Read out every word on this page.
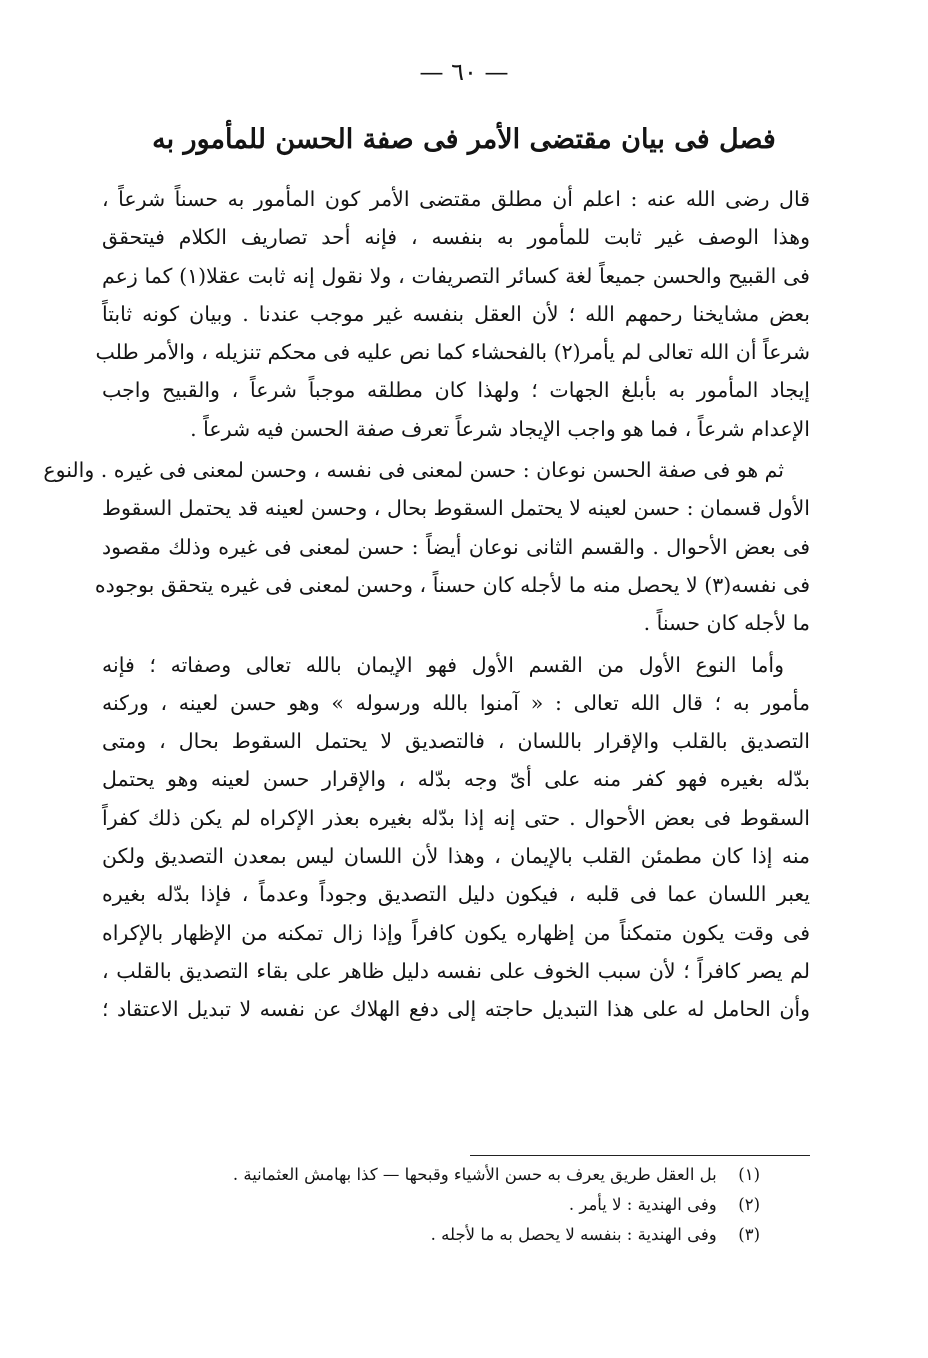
— ٦٠ —
فصل فى بيان مقتضى الأمر فى صفة الحسن للمأمور به
قال رضى الله عنه : اعلم أن مطلق مقتضى الأمر كون المأمور به حسناً شرعاً ،
وهذا الوصف غير ثابت للمأمور به بنفسه ، فإنه أحد تصاريف الكلام فيتحقق
فى القبيح والحسن جميعاً لغة كسائر التصريفات ، ولا نقول إنه ثابت عقلا(١) كما زعم
بعض مشايخنا رحمهم الله ؛ لأن العقل بنفسه غير موجب عندنا . وبيان كونه ثابتاً
شرعاً أن الله تعالى لم يأمر(٢) بالفحشاء كما نص عليه فى محكم تنزيله ، والأمر طلب
إيجاد المأمور به بأبلغ الجهات ؛ ولهذا كان مطلقه موجباً شرعاً ، والقبيح واجب
الإعدام شرعاً ، فما هو واجب الإيجاد شرعاً تعرف صفة الحسن فيه شرعاً .
ثم هو فى صفة الحسن نوعان : حسن لمعنى فى نفسه ، وحسن لمعنى فى غيره . والنوع
الأول قسمان : حسن لعينه لا يحتمل السقوط بحال ، وحسن لعينه قد يحتمل السقوط
فى بعض الأحوال . والقسم الثانى نوعان أيضاً : حسن لمعنى فى غيره وذلك مقصود
فى نفسه(٣) لا يحصل منه ما لأجله كان حسناً ، وحسن لمعنى فى غيره يتحقق بوجوده
ما لأجله كان حسناً .
وأما النوع الأول من القسم الأول فهو الإيمان بالله تعالى وصفاته ؛ فإنه
مأمور به ؛ قال الله تعالى : « آمنوا بالله ورسوله » وهو حسن لعينه ، وركنه
التصديق بالقلب والإقرار باللسان ، فالتصديق لا يحتمل السقوط بحال ، ومتى
بدّله بغيره فهو كفر منه على أىّ وجه بدّله ، والإقرار حسن لعينه وهو يحتمل
السقوط فى بعض الأحوال . حتى إنه إذا بدّله بغيره بعذر الإكراه لم يكن ذلك كفراً
منه إذا كان مطمئن القلب بالإيمان ، وهذا لأن اللسان ليس بمعدن التصديق ولكن
يعبر اللسان عما فى قلبه ، فيكون دليل التصديق وجوداً وعدماً ، فإذا بدّله بغيره
فى وقت يكون متمكناً من إظهاره يكون كافراً وإذا زال تمكنه من الإظهار بالإكراه
لم يصر كافراً ؛ لأن سبب الخوف على نفسه دليل ظاهر على بقاء التصديق بالقلب ،
وأن الحامل له على هذا التبديل حاجته إلى دفع الهلاك عن نفسه لا تبديل الاعتقاد ؛
(١) بل العقل طريق يعرف به حسن الأشياء وقبحها — كذا بهامش العثمانية .
(٢) وفى الهندية : لا يأمر .
(٣) وفى الهندية : بنفسه لا يحصل به ما لأجله .
